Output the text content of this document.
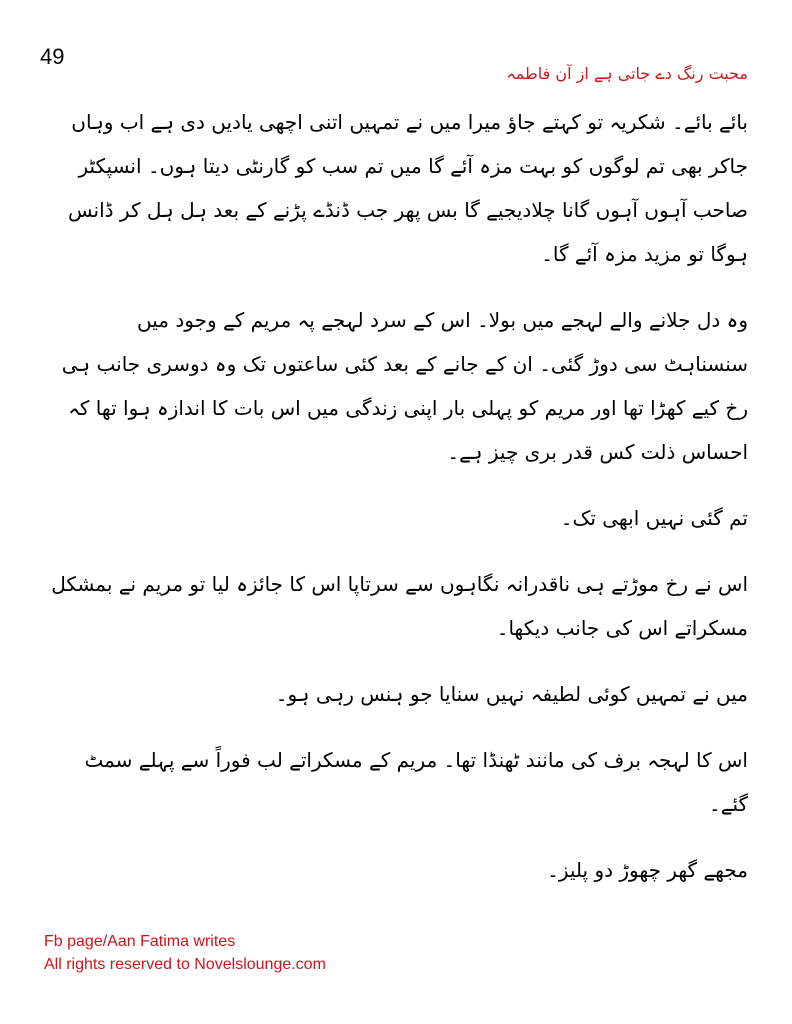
49
محبت رنگ دے جاتی ہے از آن فاطمہ

بائے بائے۔ شکریہ تو کہتے جاؤ میرا میں نے تمہیں اتنی اچھی یادیں دی ہے اب وہاں جاکر بھی تم لوگوں کو بہت مزہ آئے گا میں تم سب کو گارنٹی دیتا ہوں۔ انسپکٹر صاحب آہوں آہوں گانا چلادیجیے گا بس پھر جب ڈنڈے پڑنے کے بعد ہل ہل کر ڈانس ہوگا تو مزید مزہ آئے گا۔

وہ دل جلانے والے لہجے میں بولا۔ اس کے سرد لہجے پہ مریم کے وجود میں سنسناہٹ سی دوڑ گئی۔ ان کے جانے کے بعد کئی ساعتوں تک وہ دوسری جانب ہی رخ کیے کھڑا تھا اور مریم کو پہلی بار اپنی زندگی میں اس بات کا اندازہ ہوا تھا کہ احساس ذلت کس قدر بری چیز ہے۔

تم گئی نہیں ابھی تک۔

اس نے رخ موڑتے ہی ناقدرانہ نگاہوں سے سرتاپا اس کا جائزہ لیا تو مریم نے بمشکل مسکراتے اس کی جانب دیکھا۔

میں نے تمہیں کوئی لطیفہ نہیں سنایا جو ہنس رہی ہو۔

اس کا لہجہ برف کی مانند ٹھنڈا تھا۔ مریم کے مسکراتے لب فوراً سے پہلے سمٹ گئے۔

مجھے گھر چھوڑ دو پلیز۔

Fb page/Aan Fatima writes
All rights reserved to Novelslounge.com
